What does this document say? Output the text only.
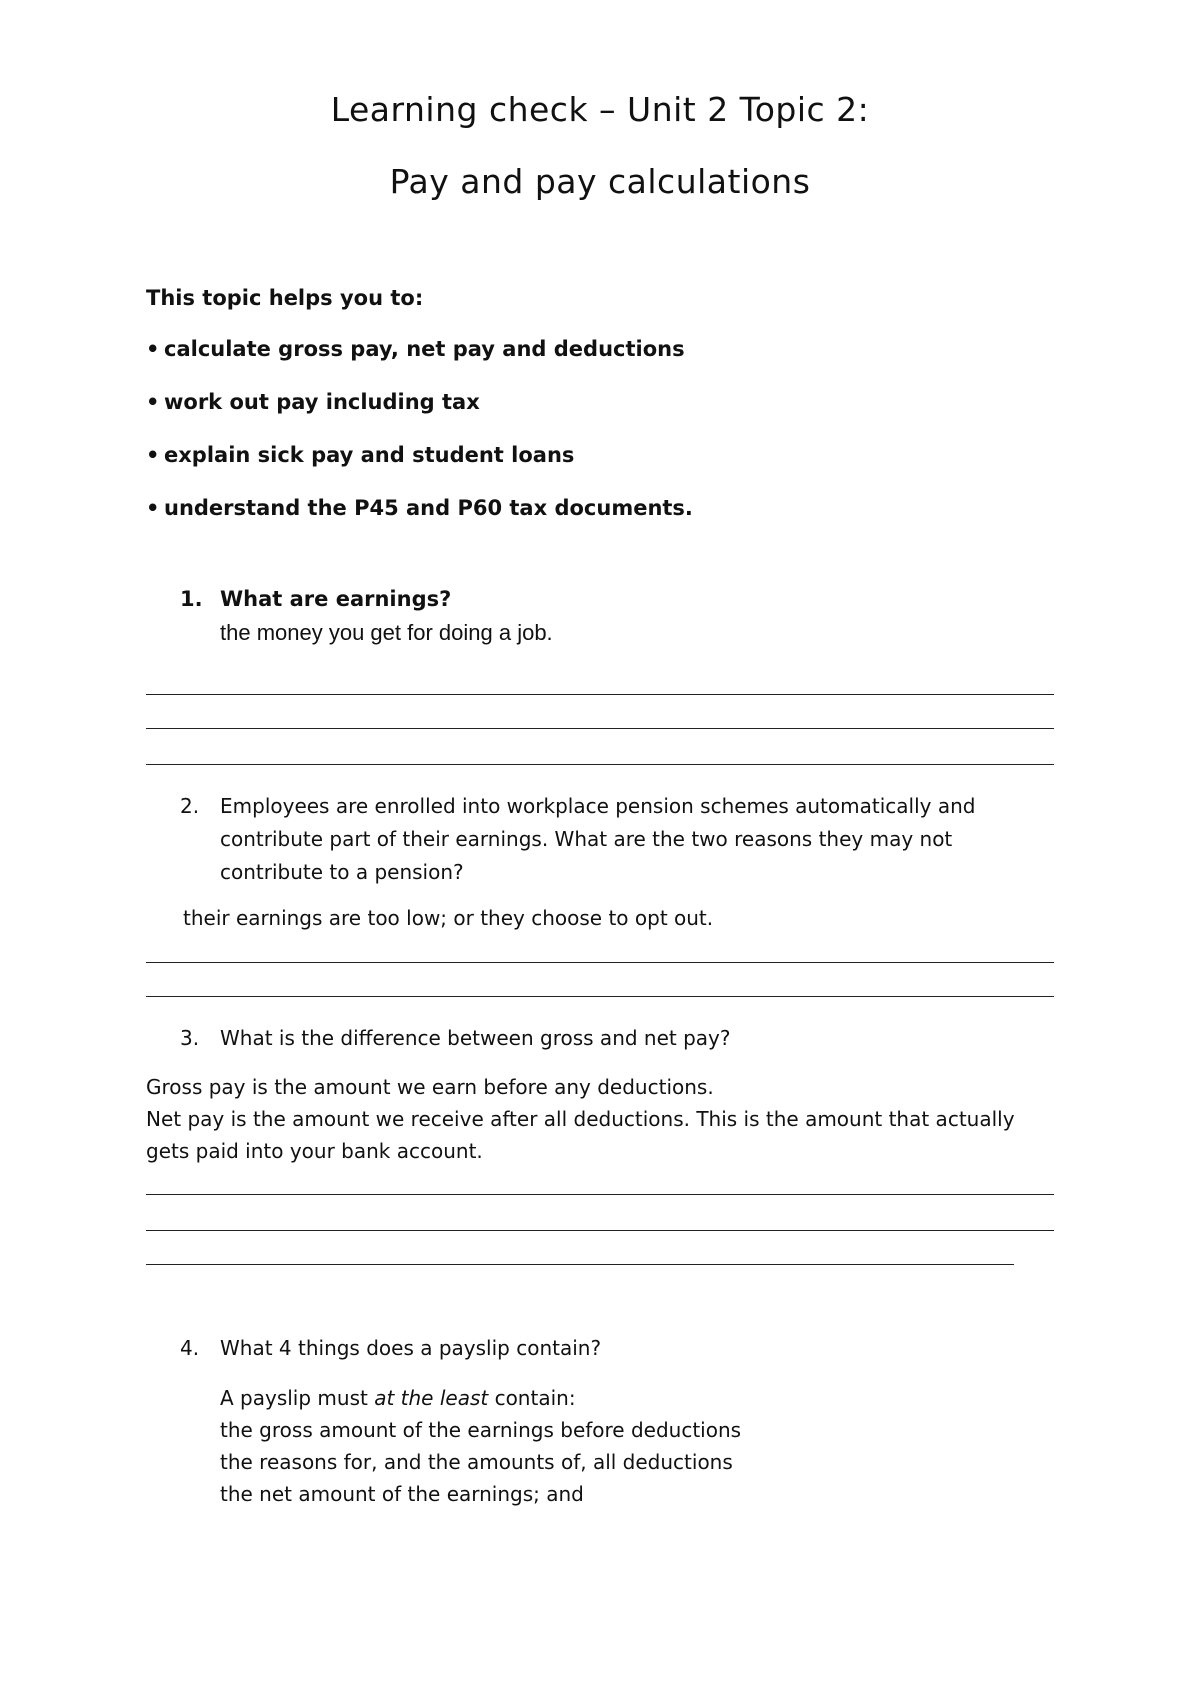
Learning check – Unit 2 Topic 2:
Pay and pay calculations

This topic helps you to:

• calculate gross pay, net pay and deductions
• work out pay including tax
• explain sick pay and student loans
• understand the P45 and P60 tax documents.
1. What are earnings?
the money you get for doing a job.
2.	Employees are enrolled into workplace pension schemes automatically and contribute part of their earnings. What are the two reasons they may not contribute to a pension?
their earnings are too low; or they choose to opt out.
3.	What is the difference between gross and net pay?

Gross pay is the amount we earn before any deductions.

Net pay is the amount we receive after all deductions. This is the amount that actually gets paid into your bank account.

4.	What 4 things does a payslip contain?

A payslip must at the least contain:

the gross amount of the earnings before deductions

the reasons for, and the amounts of, all deductions

the net amount of the earnings; and
